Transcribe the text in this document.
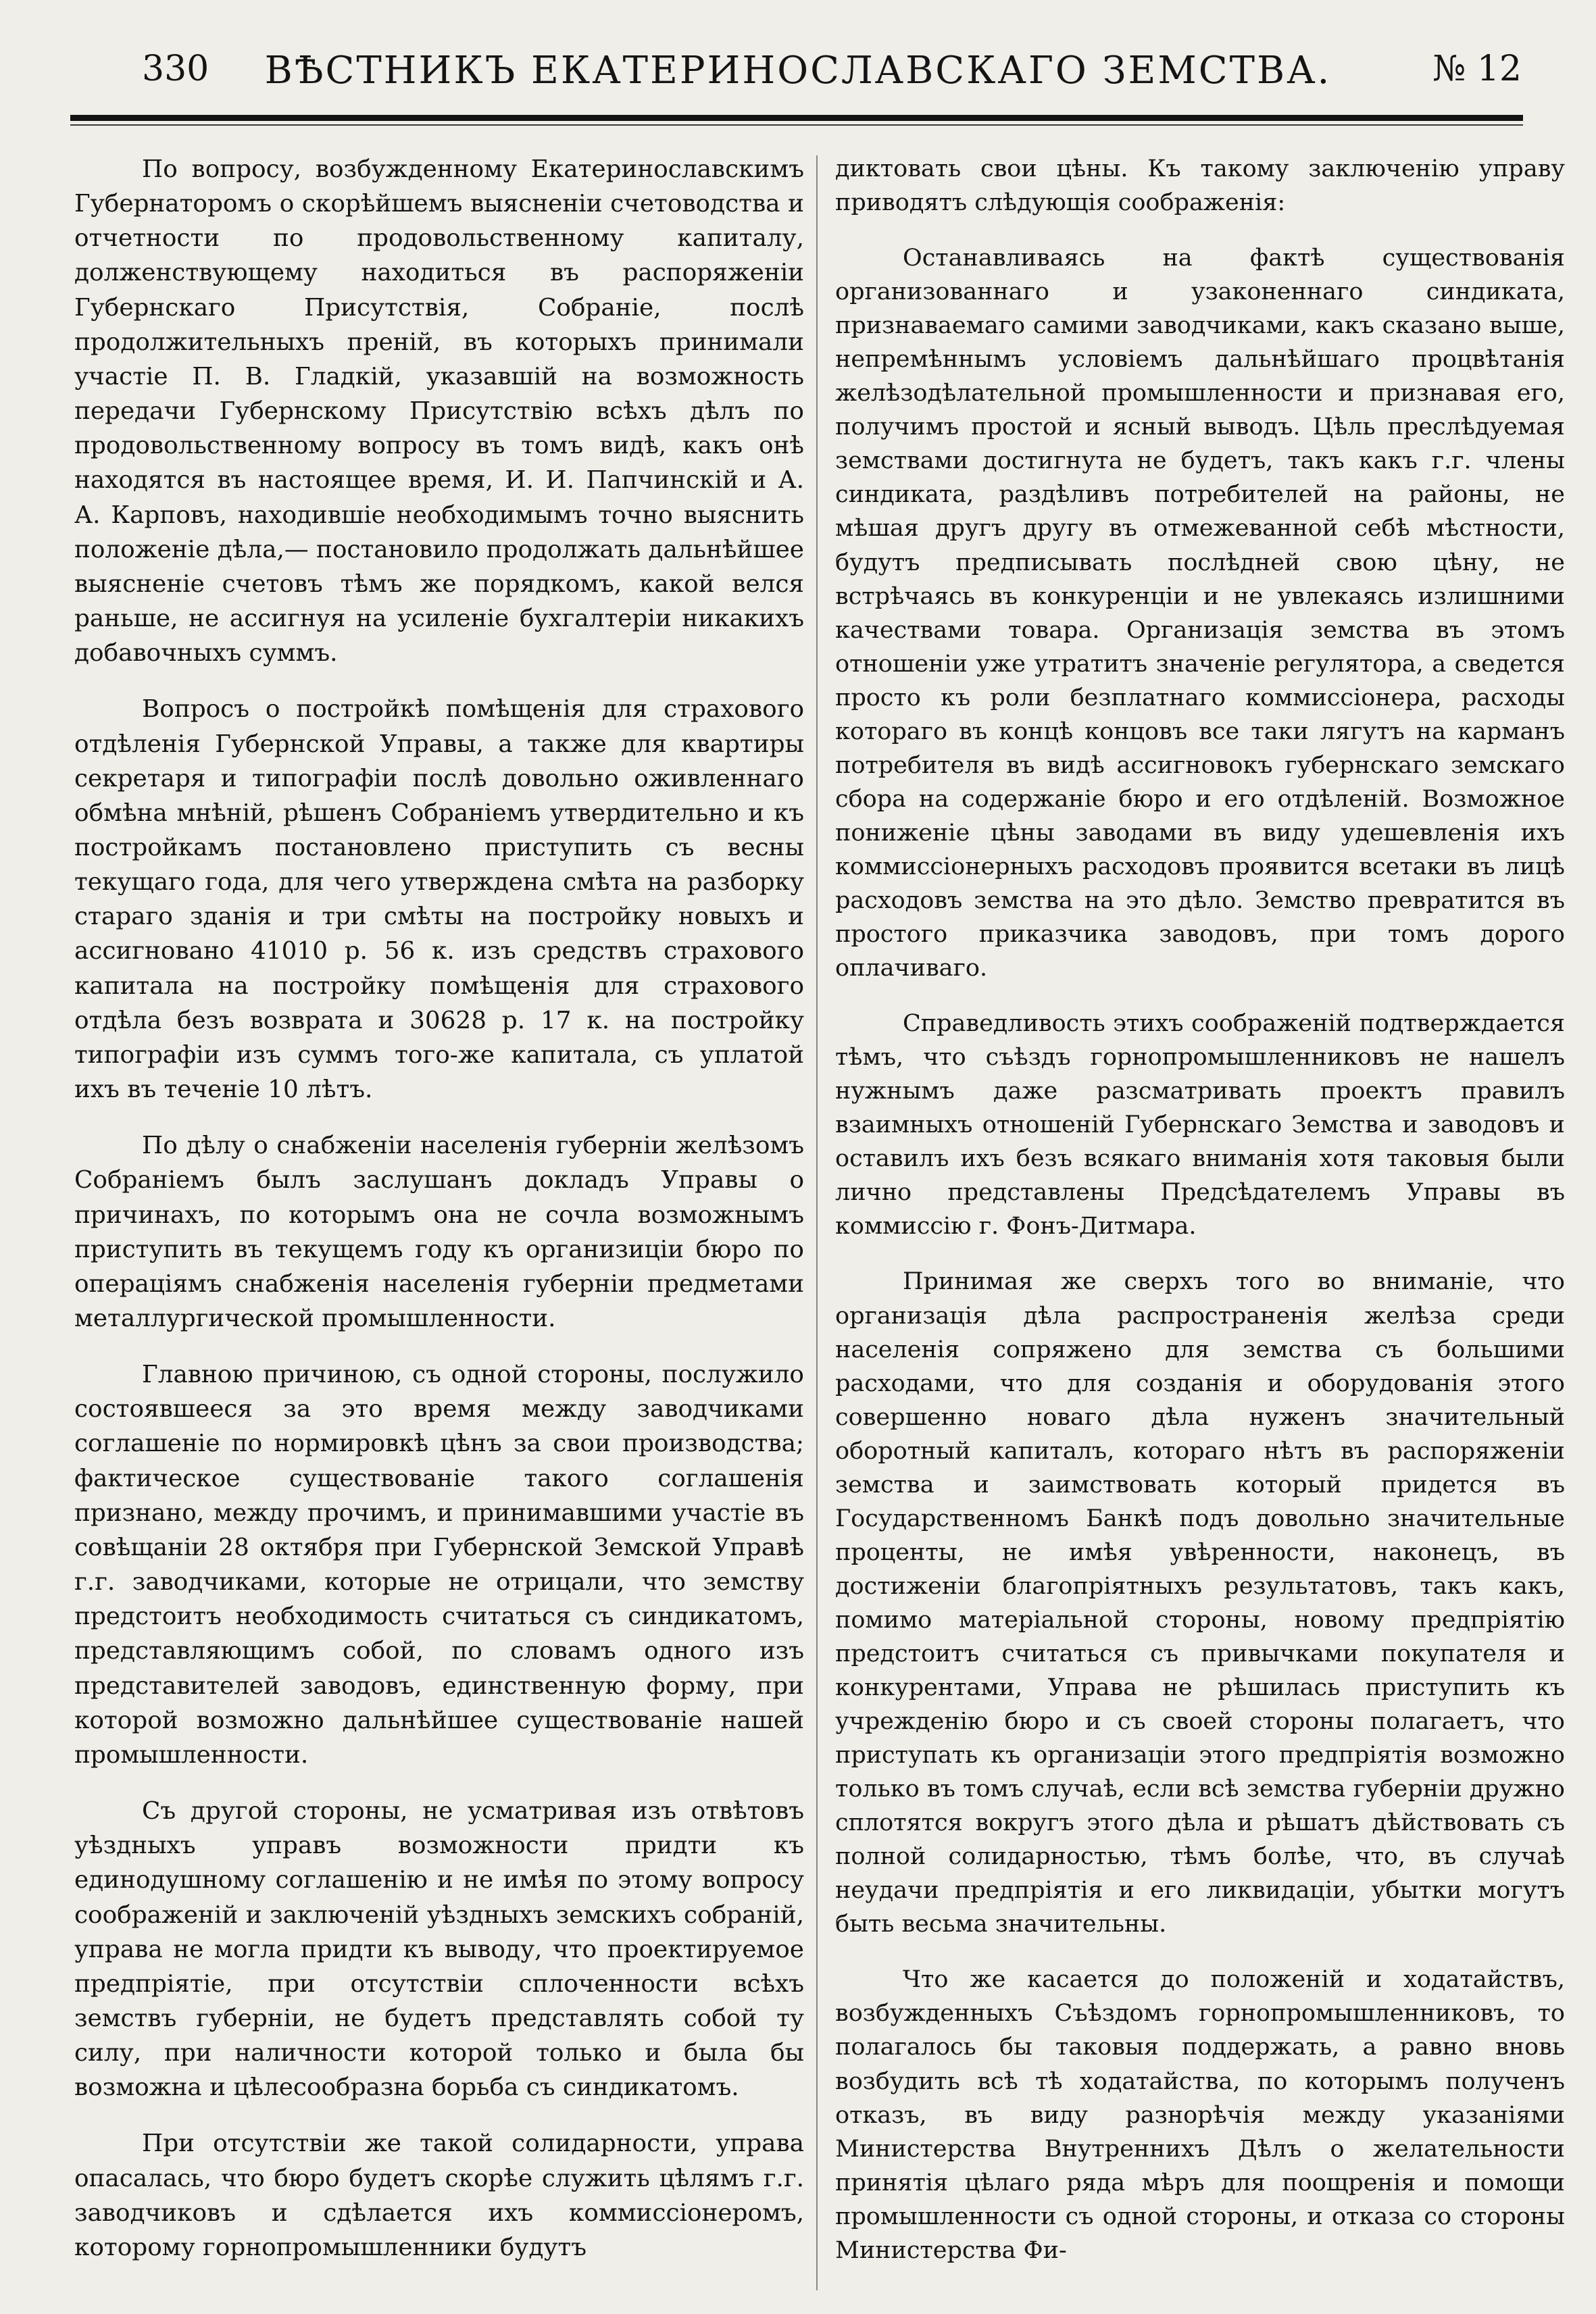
330	ВѢСТНИКЪ ЕКАТЕРИНОСЛАВСКАГО ЗЕМСТВА.	№ 12

По вопросу, возбужденному Екатеринославскимъ Губернаторомъ о скорѣйшемъ выясненіи счетоводства и отчетности по продовольственному капиталу, долженствующему находиться въ распоряженіи Губернскаго Присутствія, Собраніе, послѣ продолжительныхъ преній, въ которыхъ принимали участіе П. В. Гладкій, указавшій на возможность передачи Губернскому Присутствію всѣхъ дѣлъ по продовольственному вопросу въ томъ видѣ, какъ онѣ находятся въ настоящее время, И. И. Папчинскій и А. А. Карповъ, находившіе необходимымъ точно выяснить положеніе дѣла,— постановило продолжать дальнѣйшее выясненіе счетовъ тѣмъ же порядкомъ, какой велся раньше, не ассигнуя на усиленіе бухгалтеріи никакихъ добавочныхъ суммъ.

Вопросъ о постройкѣ помѣщенія для страхового отдѣленія Губернской Управы, а также для квартиры секретаря и типографіи послѣ довольно оживленнаго обмѣна мнѣній, рѣшенъ Собраніемъ утвердительно и къ постройкамъ постановлено приступить съ весны текущаго года, для чего утверждена смѣта на разборку стараго зданія и три смѣты на постройку новыхъ и ассигновано 41010 р. 56 к. изъ средствъ страхового капитала на постройку помѣщенія для страхового отдѣла безъ возврата и 30628 р. 17 к. на постройку типографіи изъ суммъ того-же капитала, съ уплатой ихъ въ теченіе 10 лѣтъ.

По дѣлу о снабженіи населенія губерніи желѣзомъ Собраніемъ былъ заслушанъ докладъ Управы о причинахъ, по которымъ она не сочла возможнымъ приступить въ текущемъ году къ организиціи бюро по операціямъ снабженія населенія губерніи предметами металлургической промышленности.

Главною причиною, съ одной стороны, послужило состоявшееся за это время между заводчиками соглашеніе по нормировкѣ цѣнъ за свои производства; фактическое существованіе такого соглашенія признано, между прочимъ, и принимавшими участіе въ совѣщаніи 28 октября при Губернской Земской Управѣ г.г. заводчиками, которые не отрицали, что земству предстоитъ необходимость считаться съ синдикатомъ, представляющимъ собой, по словамъ одного изъ представителей заводовъ, единственную форму, при которой возможно дальнѣйшее существованіе нашей промышленности.

Съ другой стороны, не усматривая изъ отвѣтовъ уѣздныхъ управъ возможности придти къ единодушному соглашенію и не имѣя по этому вопросу соображеній и заключеній уѣздныхъ земскихъ собраній, управа не могла придти къ выводу, что проектируемое предпріятіе, при отсутствіи сплоченности всѣхъ земствъ губерніи, не будетъ представлять собой ту силу, при наличности которой только и была бы возможна и цѣлесообразна борьба съ синдикатомъ.

При отсутствіи же такой солидарности, управа опасалась, что бюро будетъ скорѣе служить цѣлямъ г.г. заводчиковъ и сдѣлается ихъ коммиссіонеромъ, которому горнопромышленники будутъ

диктовать свои цѣны. Къ такому заключенію управу приводятъ слѣдующія соображенія:

Останавливаясь на фактѣ существованія организованнаго и узаконеннаго синдиката, признаваемаго самими заводчиками, какъ сказано выше, непремѣннымъ условіемъ дальнѣйшаго процвѣтанія желѣзодѣлательной промышленности и признавая его, получимъ простой и ясный выводъ. Цѣль преслѣдуемая земствами достигнута не будетъ, такъ какъ г.г. члены синдиката, раздѣливъ потребителей на районы, не мѣшая другъ другу въ отмежеванной себѣ мѣстности, будутъ предписывать послѣдней свою цѣну, не встрѣчаясь въ конкуренціи и не увлекаясь излишними качествами товара. Организація земства въ этомъ отношеніи уже утратитъ значеніе регулятора, а сведется просто къ роли безплатнаго коммиссіонера, расходы котораго въ концѣ концовъ все таки лягутъ на карманъ потребителя въ видѣ ассигновокъ губернскаго земскаго сбора на содержаніе бюро и его отдѣленій. Возможное пониженіе цѣны заводами въ виду удешевленія ихъ коммиссіонерныхъ расходовъ проявится всетаки въ лицѣ расходовъ земства на это дѣло. Земство превратится въ простого приказчика заводовъ, при томъ дорого оплачиваго.

Справедливость этихъ соображеній подтверждается тѣмъ, что съѣздъ горнопромышленниковъ не нашелъ нужнымъ даже разсматривать проектъ правилъ взаимныхъ отношеній Губернскаго Земства и заводовъ и оставилъ ихъ безъ всякаго вниманія хотя таковыя были лично представлены Предсѣдателемъ Управы въ коммиссію г. Фонъ-Дитмара.

Принимая же сверхъ того во вниманіе, что организація дѣла распространенія желѣза среди населенія сопряжено для земства съ большими расходами, что для созданія и оборудованія этого совершенно новаго дѣла нуженъ значительный оборотный капиталъ, котораго нѣтъ въ распоряженіи земства и заимствовать который придется въ Государственномъ Банкѣ подъ довольно значительные проценты, не имѣя увѣренности, наконецъ, въ достиженіи благопріятныхъ результатовъ, такъ какъ, помимо матеріальной стороны, новому предпріятію предстоитъ считаться съ привычками покупателя и конкурентами, Управа не рѣшилась приступить къ учрежденію бюро и съ своей стороны полагаетъ, что приступать къ организаціи этого предпріятія возможно только въ томъ случаѣ, если всѣ земства губерніи дружно сплотятся вокругъ этого дѣла и рѣшатъ дѣйствовать съ полной солидарностью, тѣмъ болѣе, что, въ случаѣ неудачи предпріятія и его ликвидаціи, убытки могутъ быть весьма значительны.

Что же касается до положеній и ходатайствъ, возбужденныхъ Съѣздомъ горнопромышленниковъ, то полагалось бы таковыя поддержать, а равно вновь возбудить всѣ тѣ ходатайства, по которымъ полученъ отказъ, въ виду разнорѣчія между указаніями Министерства Внутреннихъ Дѣлъ о желательности принятія цѣлаго ряда мѣръ для поощренія и помощи промышленности съ одной стороны, и отказа со стороны Министерства Фи-
